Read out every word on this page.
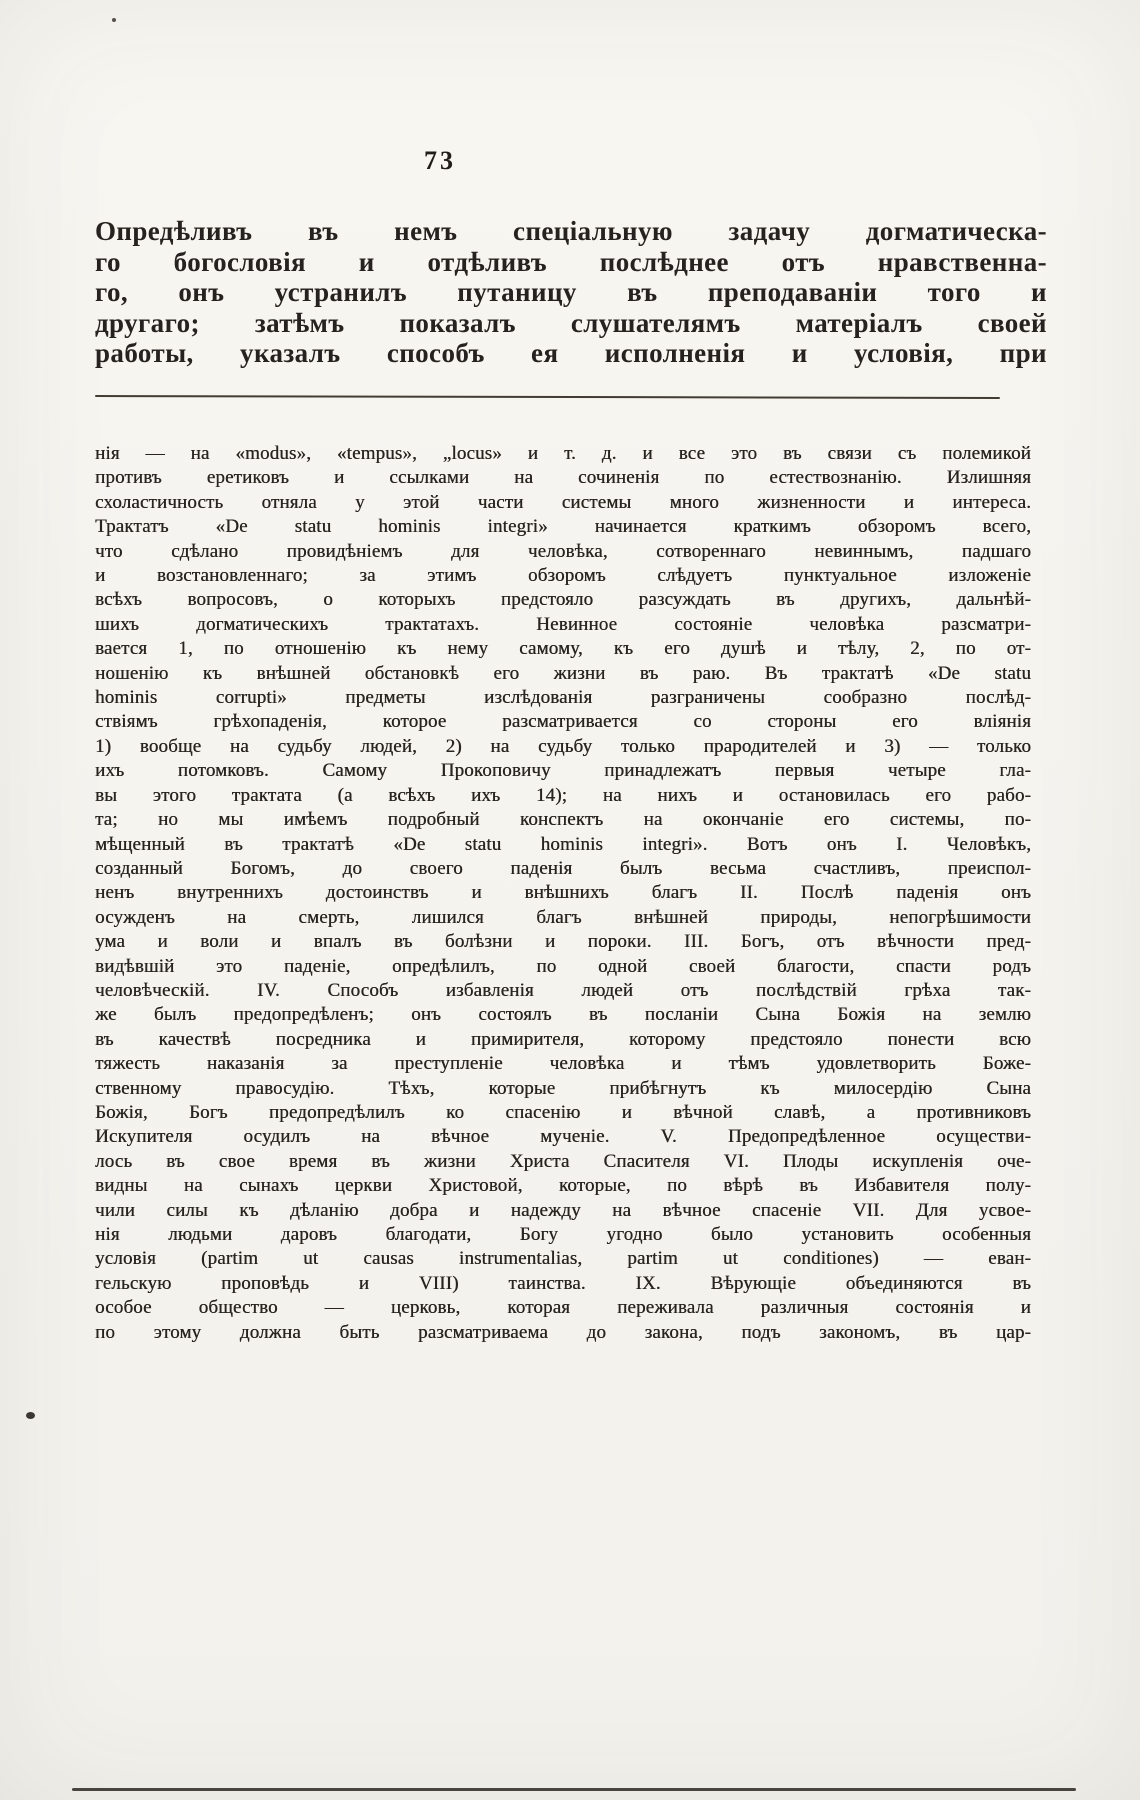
73
Опредѣливъ въ немъ спеціальную задачу догматическа-
го богословія и отдѣливъ послѣднее отъ нравственна-
го, онъ устранилъ путаницу въ преподаваніи того и
другаго; затѣмъ показалъ слушателямъ матеріалъ своей
работы, указалъ способъ ея исполненія и условія, при
нія — на «modus», «tempus», „locus» и т. д. и все это въ связи съ полемикой
противъ еретиковъ и ссылками на сочиненія по естествознанію. Излишняя
схоластичность отняла у этой части системы много жизненности и интереса.
Трактатъ «De statu hominis integri» начинается краткимъ обзоромъ всего,
что сдѣлано провидѣніемъ для человѣка, сотвореннаго невиннымъ, падшаго
и возстановленнаго; за этимъ обзоромъ слѣдуетъ пунктуальное изложеніе
всѣхъ вопросовъ, о которыхъ предстояло разсуждать въ другихъ, дальнѣй-
шихъ догматическихъ трактатахъ. Невинное состояніе человѣка разсматри-
вается 1, по отношенію къ нему самому, къ его душѣ и тѣлу, 2, по от-
ношенію къ внѣшней обстановкѣ его жизни въ раю. Въ трактатѣ «De statu
hominis corrupti» предметы изслѣдованія разграничены сообразно послѣд-
ствіямъ грѣхопаденія, которое разсматривается со стороны его вліянія
1) вообще на судьбу людей, 2) на судьбу только прародителей и 3) — только
ихъ потомковъ. Самому Прокоповичу принадлежатъ первыя четыре гла-
вы этого трактата (а всѣхъ ихъ 14); на нихъ и остановилась его рабо-
та; но мы имѣемъ подробный конспектъ на окончаніе его системы, по-
мѣщенный въ трактатѣ «De statu hominis integri». Вотъ онъ I. Человѣкъ,
созданный Богомъ, до своего паденія былъ весьма счастливъ, преиспол-
ненъ внутреннихъ достоинствъ и внѣшнихъ благъ II. Послѣ паденія онъ
осужденъ на смерть, лишился благъ внѣшней природы, непогрѣшимости
ума и воли и впалъ въ болѣзни и пороки. III. Богъ, отъ вѣчности пред-
видѣвшій это паденіе, опредѣлилъ, по одной своей благости, спасти родъ
человѣческій. IV. Способъ избавленія людей отъ послѣдствій грѣха так-
же былъ предопредѣленъ; онъ состоялъ въ посланіи Сына Божія на землю
въ качествѣ посредника и примирителя, которому предстояло понести всю
тяжесть наказанія за преступленіе человѣка и тѣмъ удовлетворить Боже-
ственному правосудію. Тѣхъ, которые прибѣгнутъ къ милосердію Сына
Божія, Богъ предопредѣлилъ ко спасенію и вѣчной славѣ, а противниковъ
Искупителя осудилъ на вѣчное мученіе. V. Предопредѣленное осуществи-
лось въ свое время въ жизни Христа Спасителя VI. Плоды искупленія оче-
видны на сынахъ церкви Христовой, которые, по вѣрѣ въ Избавителя полу-
чили силы къ дѣланію добра и надежду на вѣчное спасеніе VII. Для усвое-
нія людьми даровъ благодати, Богу угодно было установить особенныя
условія (partim ut causas instrumentalias, partim ut conditiones) — еван-
гельскую проповѣдь и VIII) таинства. IX. Вѣрующіе объединяются въ
особое общество — церковь, которая переживала различныя состоянія и
по этому должна быть разсматриваема до закона, подъ закономъ, въ цар-
